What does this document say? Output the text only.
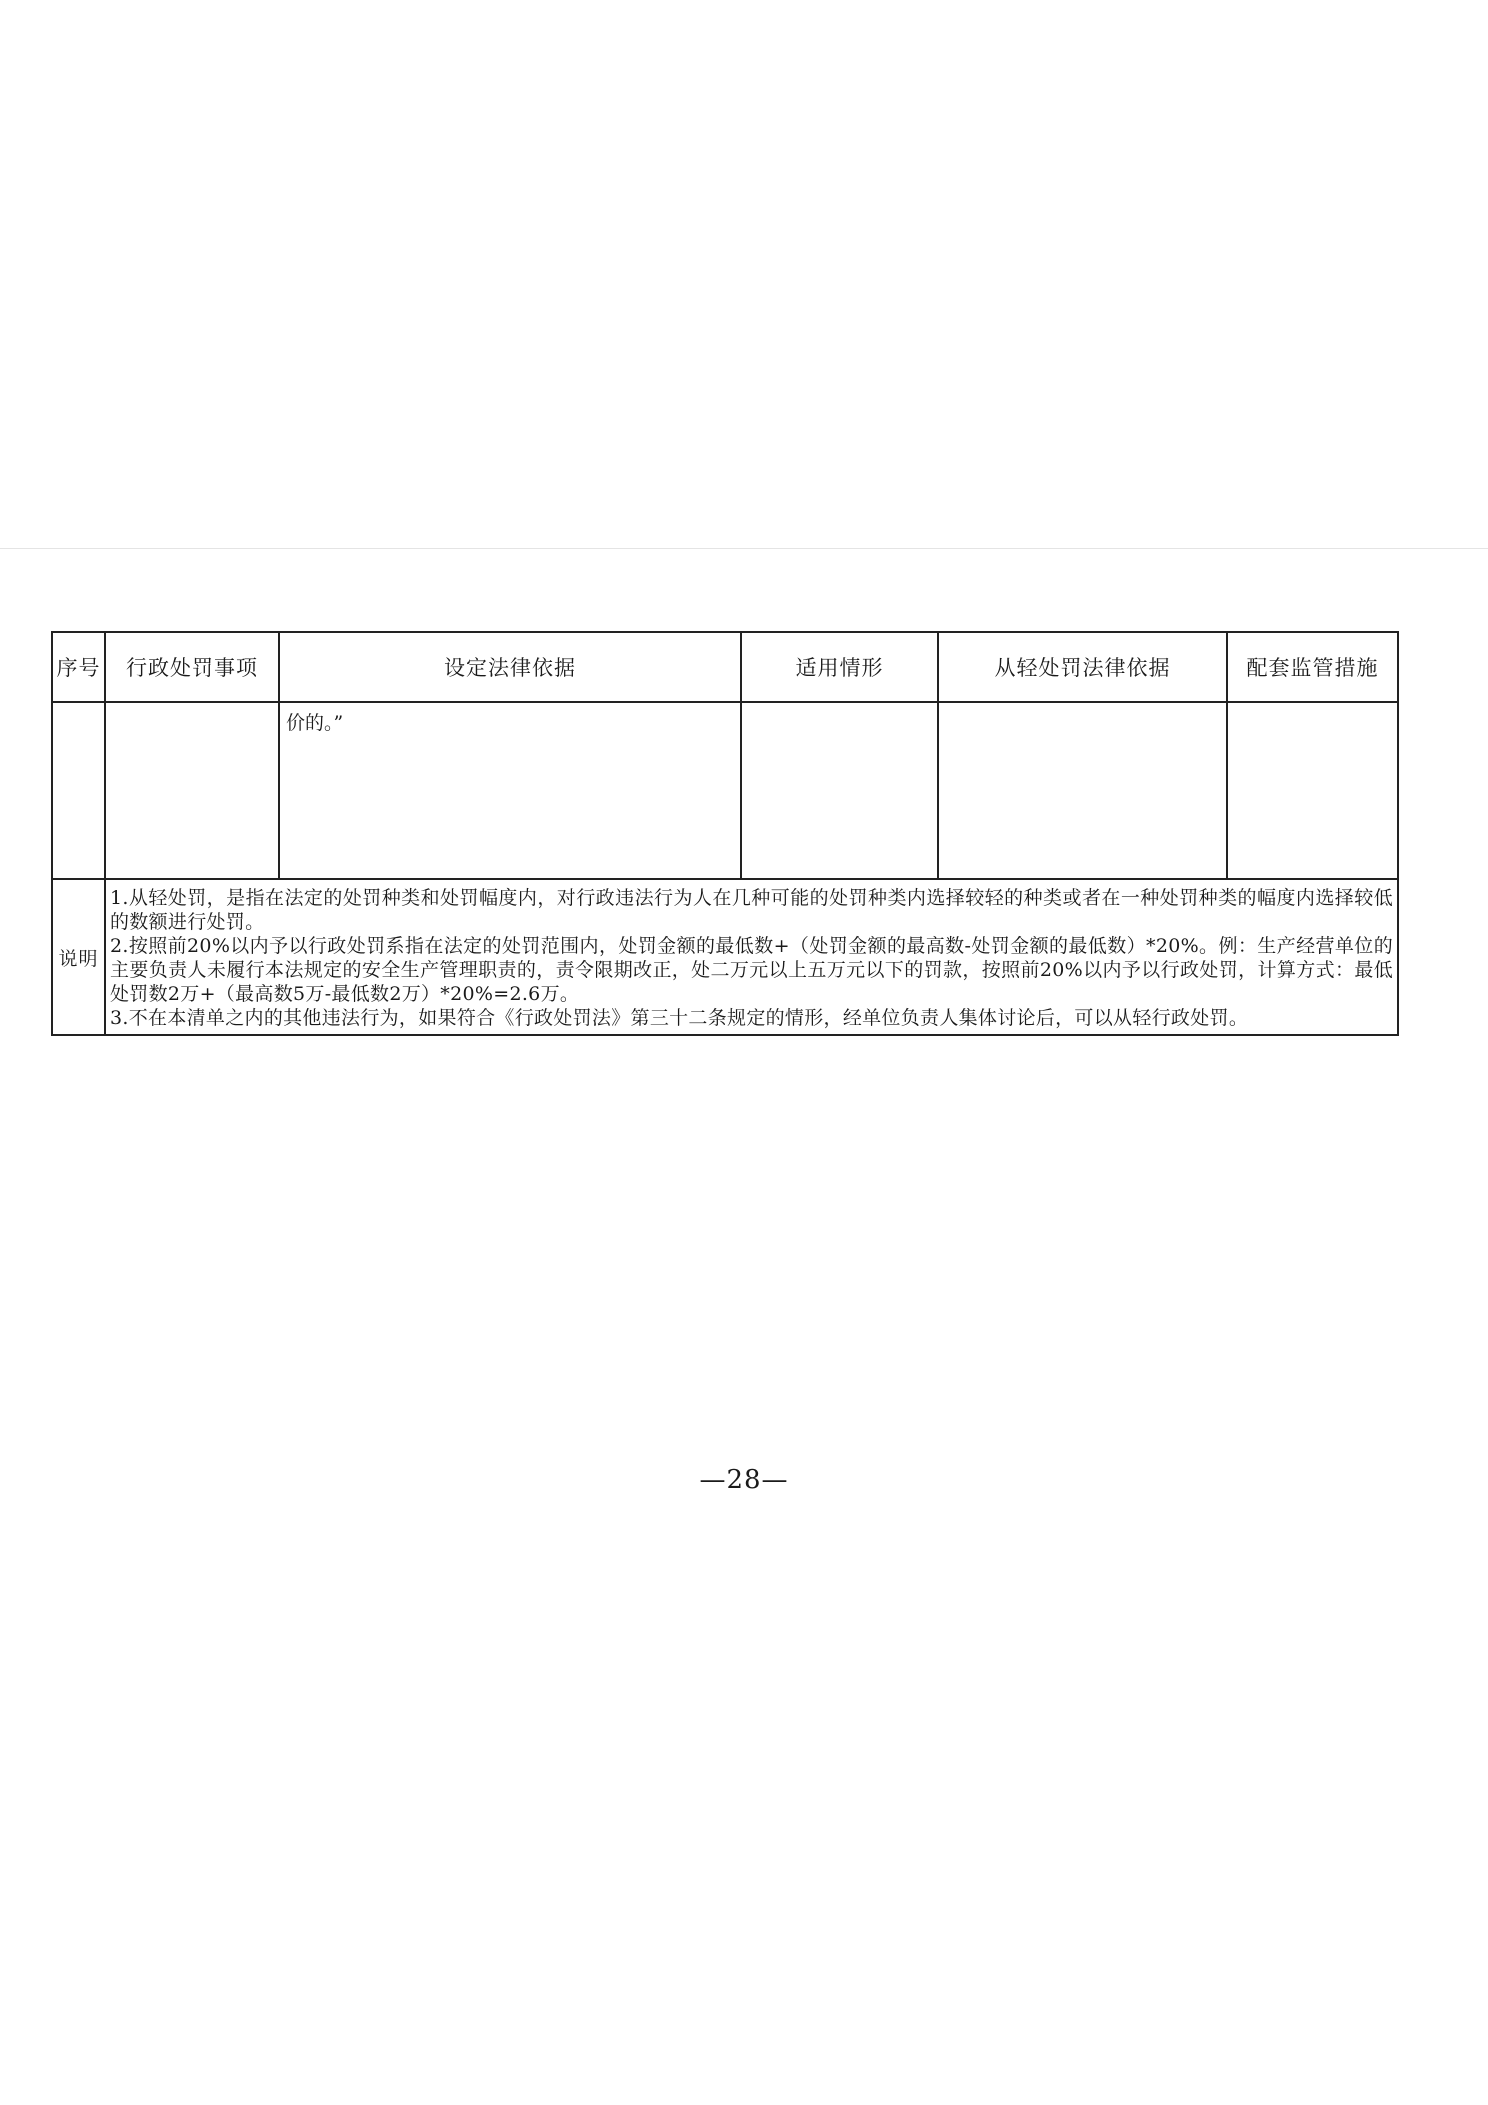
序号	行政处罚事项	设定法律依据	适用情形	从轻处罚法律依据	配套监管措施

		价的。”			

说明	1.从轻处罚，是指在法定的处罚种类和处罚幅度内，对行政违法行为人在几种可能的处罚种类内选择较轻的种类或者在一种处罚种类的幅度内选择较低的数额进行处罚。

2.按照前20%以内予以行政处罚系指在法定的处罚范围内，处罚金额的最低数+（处罚金额的最高数-处罚金额的最低数）*20%。例：生产经营单位的主要负责人未履行本法规定的安全生产管理职责的，责令限期改正，处二万元以上五万元以下的罚款，按照前20%以内予以行政处罚，计算方式：最低处罚数2万+（最高数5万-最低数2万）*20%=2.6万。

3.不在本清单之内的其他违法行为，如果符合《行政处罚法》第三十二条规定的情形，经单位负责人集体讨论后，可以从轻行政处罚。				

—28—
